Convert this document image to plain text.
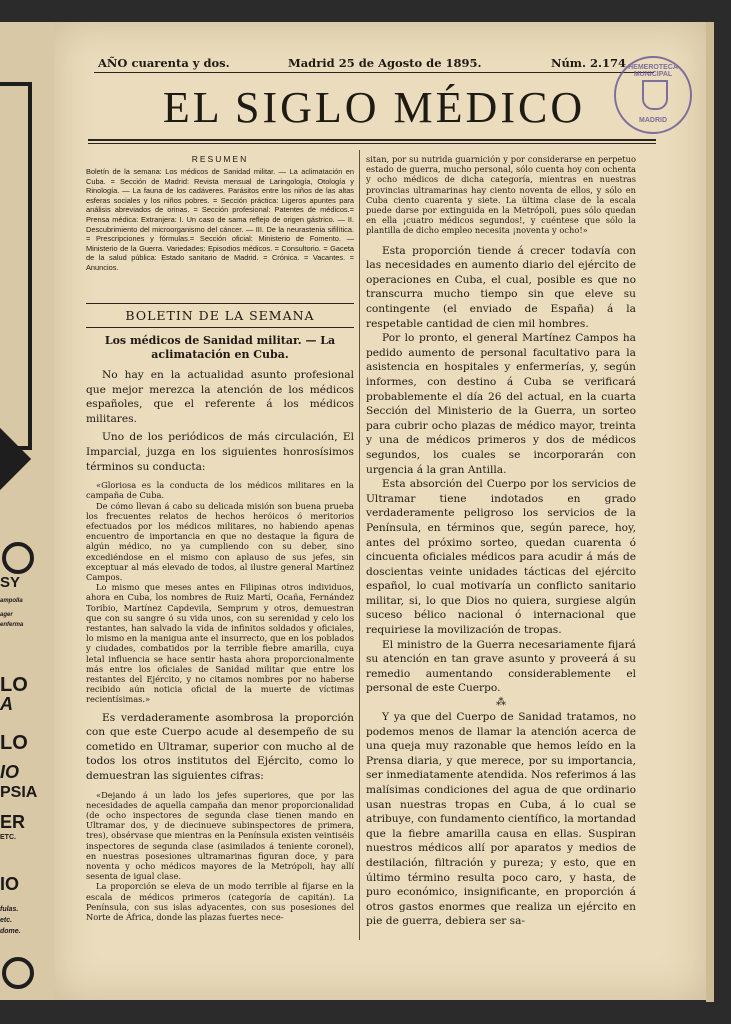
SY
ampolla
ager
enferma
LO
A
LO
IO
PSIA
ER
ETC.
IO
fulas.
etc.
dome.
AÑO cuarenta y dos.	Madrid 25 de Agosto de 1895.	Núm. 2.174
EL SIGLO MÉDICO
HEMEROTECA MUNICIPAL
MADRID
RESUMEN
Boletín de la semana: Los médicos de Sanidad militar. — La aclimatación en Cuba. = Sección de Madrid: Revista mensual de Laringología, Otología y Rinología. — La fauna de los cadáveres. Parásitos entre los niños de las altas esferas sociales y los niños pobres. = Sección práctica: Ligeros apuntes para análisis abreviados de orinas. = Sección profesional: Patentes de médicos.= Prensa médica: Extranjera: I. Un caso de sama reflejo de origen gástrico. — II. Descubrimiento del microorganismo del cáncer. — III. De la neurastenia sifilítica. = Prescripciones y fórmulas.= Sección oficial: Ministerio de Fomento. — Ministerio de la Guerra. Variedades: Episodios médicos. = Consultorio. = Gaceta de la salud pública: Estado sanitario de Madrid. = Crónica. = Vacantes. = Anuncios.
BOLETIN DE LA SEMANA
Los médicos de Sanidad militar. — La aclimatación en Cuba.

No hay en la actualidad asunto profesional que mejor merezca la atención de los médicos españoles, que el referente á los médicos militares.

Uno de los periódicos de más circulación, El Imparcial, juzga en los siguientes honrosísimos términos su conducta:

«Gloriosa es la conducta de los médicos militares en la campaña de Cuba.

De cómo llevan á cabo su delicada misión son buena prueba los frecuentes relatos de hechos heróicos ó meritorios efectuados por los médicos militares, no habiendo apenas encuentro de importancia en que no destaque la figura de algún médico, no ya cumpliendo con su deber, sino excediéndose en el mismo con aplauso de sus jefes, sin exceptuar al más elevado de todos, al ilustre general Martínez Campos.

Lo mismo que meses antes en Filipinas otros individuos, ahora en Cuba, los nombres de Ruiz Martí, Ocaña, Fernández Toribio, Martínez Capdevila, Semprum y otros, demuestran que con su sangre ó su vida unos, con su serenidad y celo los restantes, han salvado la vida de infinitos soldados y oficiales, lo mismo en la manigua ante el insurrecto, que en los poblados y ciudades, combatidos por la terrible fiebre amarilla, cuya letal influencia se hace sentir hasta ahora proporcionalmente más entre los oficiales de Sanidad militar que entre los restantes del Ejército, y no citamos nombres por no haberse recibido aún noticia oficial de la muerte de víctimas recientísimas.»

Es verdaderamente asombrosa la proporción con que este Cuerpo acude al desempeño de su cometido en Ultramar, superior con mucho al de todos los otros institutos del Ejército, como lo demuestran las siguientes cifras:

«Dejando á un lado los jefes superiores, que por las necesidades de aquella campaña dan menor proporcionalidad (de ocho inspectores de segunda clase tienen mando en Ultramar dos, y de diecinueve subinspectores de primera, tres), obsérvase que mientras en la Península existen veintiséis inspectores de segunda clase (asimilados á teniente coronel), en nuestras posesiones ultramarinas figuran doce, y para noventa y ocho médicos mayores de la Metrópoli, hay allí sesenta de igual clase.

La proporción se eleva de un modo terrible al fijarse en la escala de médicos primeros (categoría de capitán). La Península, con sus islas adyacentes, con sus posesiones del Norte de África, donde las plazas fuertes nece-

sitan, por su nutrida guarnición y por considerarse en perpetuo estado de guerra, mucho personal, sólo cuenta hoy con ochenta y ocho médicos de dicha categoría, mientras en nuestras provincias ultramarinas hay ciento noventa de ellos, y sólo en Cuba ciento cuarenta y siete. La última clase de la escala puede darse por extinguida en la Metrópoli, pues sólo quedan en ella ¡cuatro médicos segundos!, y cuéntese que sólo la plantilla de dicho empleo necesita ¡noventa y ocho!»

Esta proporción tiende á crecer todavía con las necesidades en aumento diario del ejército de operaciones en Cuba, el cual, posible es que no transcurra mucho tiempo sin que eleve su contingente (el enviado de España) á la respetable cantidad de cien mil hombres.

Por lo pronto, el general Martínez Campos ha pedido aumento de personal facultativo para la asistencia en hospitales y enfermerías, y, según informes, con destino á Cuba se verificará probablemente el día 26 del actual, en la cuarta Sección del Ministerio de la Guerra, un sorteo para cubrir ocho plazas de médico mayor, treinta y una de médicos primeros y dos de médicos segundos, los cuales se incorporarán con urgencia á la gran Antilla.

Esta absorción del Cuerpo por los servicios de Ultramar tiene indotados en grado verdaderamente peligroso los servicios de la Península, en términos que, según parece, hoy, antes del próximo sorteo, quedan cuarenta ó cincuenta oficiales médicos para acudir á más de doscientas veinte unidades tácticas del ejército español, lo cual motivaría un conflicto sanitario militar, si, lo que Dios no quiera, surgiese algún suceso bélico nacional ó internacional que requiriese la movilización de tropas.

El ministro de la Guerra necesariamente fijará su atención en tan grave asunto y proveerá á su remedio aumentando considerablemente el personal de este Cuerpo.

⁂

Y ya que del Cuerpo de Sanidad tratamos, no podemos menos de llamar la atención acerca de una queja muy razonable que hemos leído en la Prensa diaria, y que merece, por su importancia, ser inmediatamente atendida. Nos referimos á las malísimas condiciones del agua de que ordinario usan nuestras tropas en Cuba, á lo cual se atribuye, con fundamento científico, la mortandad que la fiebre amarilla causa en ellas. Suspiran nuestros médicos allí por aparatos y medios de destilación, filtración y pureza; y esto, que en último término resulta poco caro, y hasta, de puro económico, insignificante, en proporción á otros gastos enormes que realiza un ejército en pie de guerra, debiera ser sa-
